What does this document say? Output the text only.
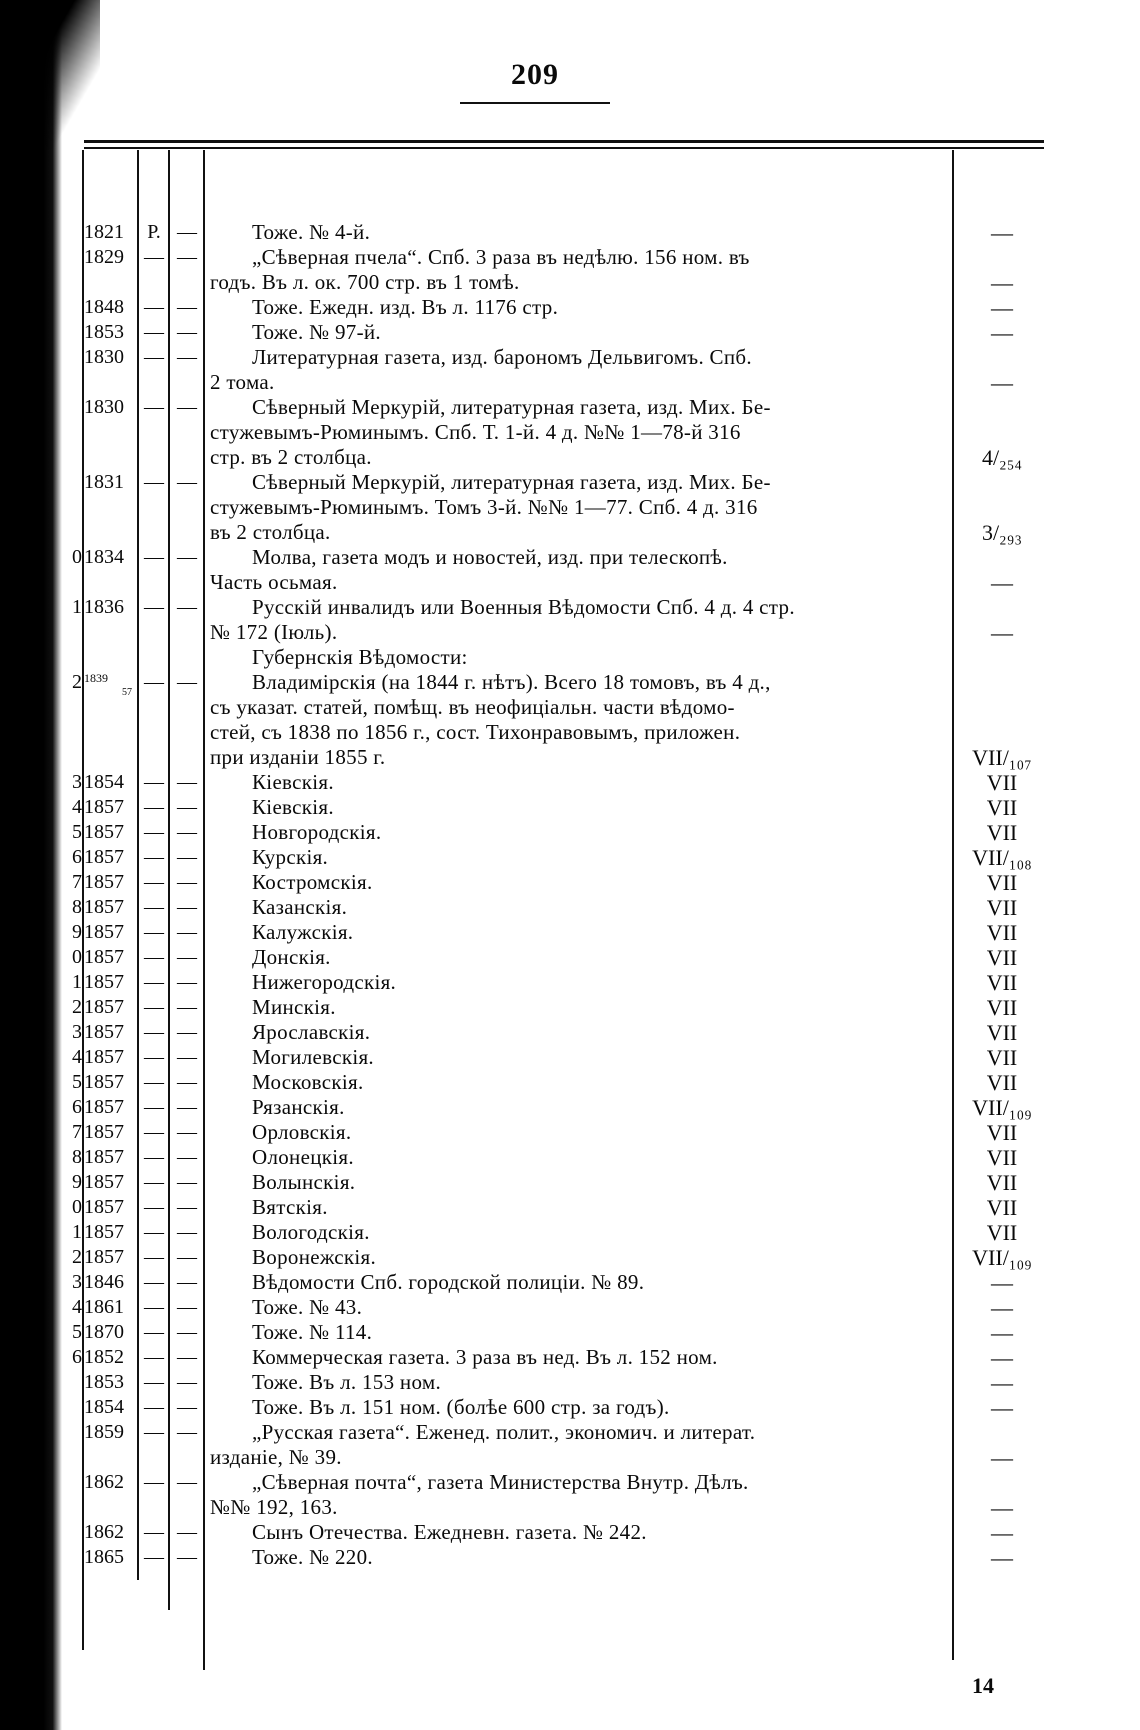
209
1821	Р. —	Тоже. № 4-й.	—
1829	— —	„Сѣверная пчела“. Спб. 3 раза въ недѣлю. 156 ном. въ
годъ. Въ л. ок. 700 стр. въ 1 томѣ.	—
1848	— —	Тоже. Ежедн. изд. Въ л. 1176 стр.	—
1853	— —	Тоже. № 97-й.	—
1830	— —	Литературная газета, изд. барономъ Дельвигомъ. Спб.
2 тома.	—
1830	— —	Сѣверный Меркурій, литературная газета, изд. Мих. Бе-
стужевымъ-Рюминымъ. Спб. Т. 1-й. 4 д. №№ 1—78-й 316
стр. въ 2 столбца.	4/₂₅₄
1831	— —	Сѣверный Меркурій, литературная газета, изд. Мих. Бе-
стужевымъ-Рюминымъ. Томъ 3-й. №№ 1—77. Спб. 4 д. 316
въ 2 столбца.	3/₂₉₃
0 1834	— —	Молва, газета модъ и новостей, изд. при телескопѣ.
Часть осьмая.	—
1 1836	— —	Русскій инвалидъ или Военныя Вѣдомости Спб. 4 д. 4 стр.
№ 172 (Іюль).	—
Губернскія Вѣдомости:
2 1839
57 — —	Владимірскія (на 1844 г. нѣтъ). Всего 18 томовъ, въ 4 д.,
съ указат. статей, помѣщ. въ неофиціальн. части вѣдомо-
стей, съ 1838 по 1856 г., сост. Тихонравовымъ, приложен.
при изданіи 1855 г.	VII/₁₀₇
3 1854	— —	Кіевскія.	VII
4 1857	— —	Кіевскія.	VII
5 1857	— —	Новгородскія.	VII
6 1857	— —	Курскія.	VII/₁₀₈
7 1857	— —	Костромскія.	VII
8 1857	— —	Казанскія.	VII
9 1857	— —	Калужскія.	VII
0 1857	— —	Донскія.	VII
1 1857	— —	Нижегородскія.	VII
2 1857	— —	Минскія.	VII
3 1857	— —	Ярославскія.	VII
4 1857	— —	Могилевскія.	VII
5 1857	— —	Московскія.	VII
6 1857	— —	Рязанскія.	VII/₁₀₉
7 1857	— —	Орловскія.	VII
8 1857	— —	Олонецкія.	VII
9 1857	— —	Волынскія.	VII
0 1857	— —	Вятскія.	VII
1 1857	— —	Вологодскія.	VII
2 1857	— —	Воронежскія.	VII/₁₀₉
3 1846	— —	Вѣдомости Спб. городской полиціи. № 89.	—
4 1861	— —	Тоже. № 43.	—
5 1870	— —	Тоже. № 114.	—
6 1852	— —	Коммерческая газета. 3 раза въ нед. Въ л. 152 ном.	—
1853	— —	Тоже. Въ л. 153 ном.	—
1854	— —	Тоже. Въ л. 151 ном. (болѣе 600 стр. за годъ).	—
1859	— —	„Русская газета“. Еженед. полит., экономич. и литерат.
изданіе, № 39.	—
1862	— —	„Сѣверная почта“, газета Министерства Внутр. Дѣлъ.
№№ 192, 163.	—
1862	— —	Сынъ Отечества. Ежедневн. газета. № 242.	—
1865	— —	Тоже. № 220.	—
14
